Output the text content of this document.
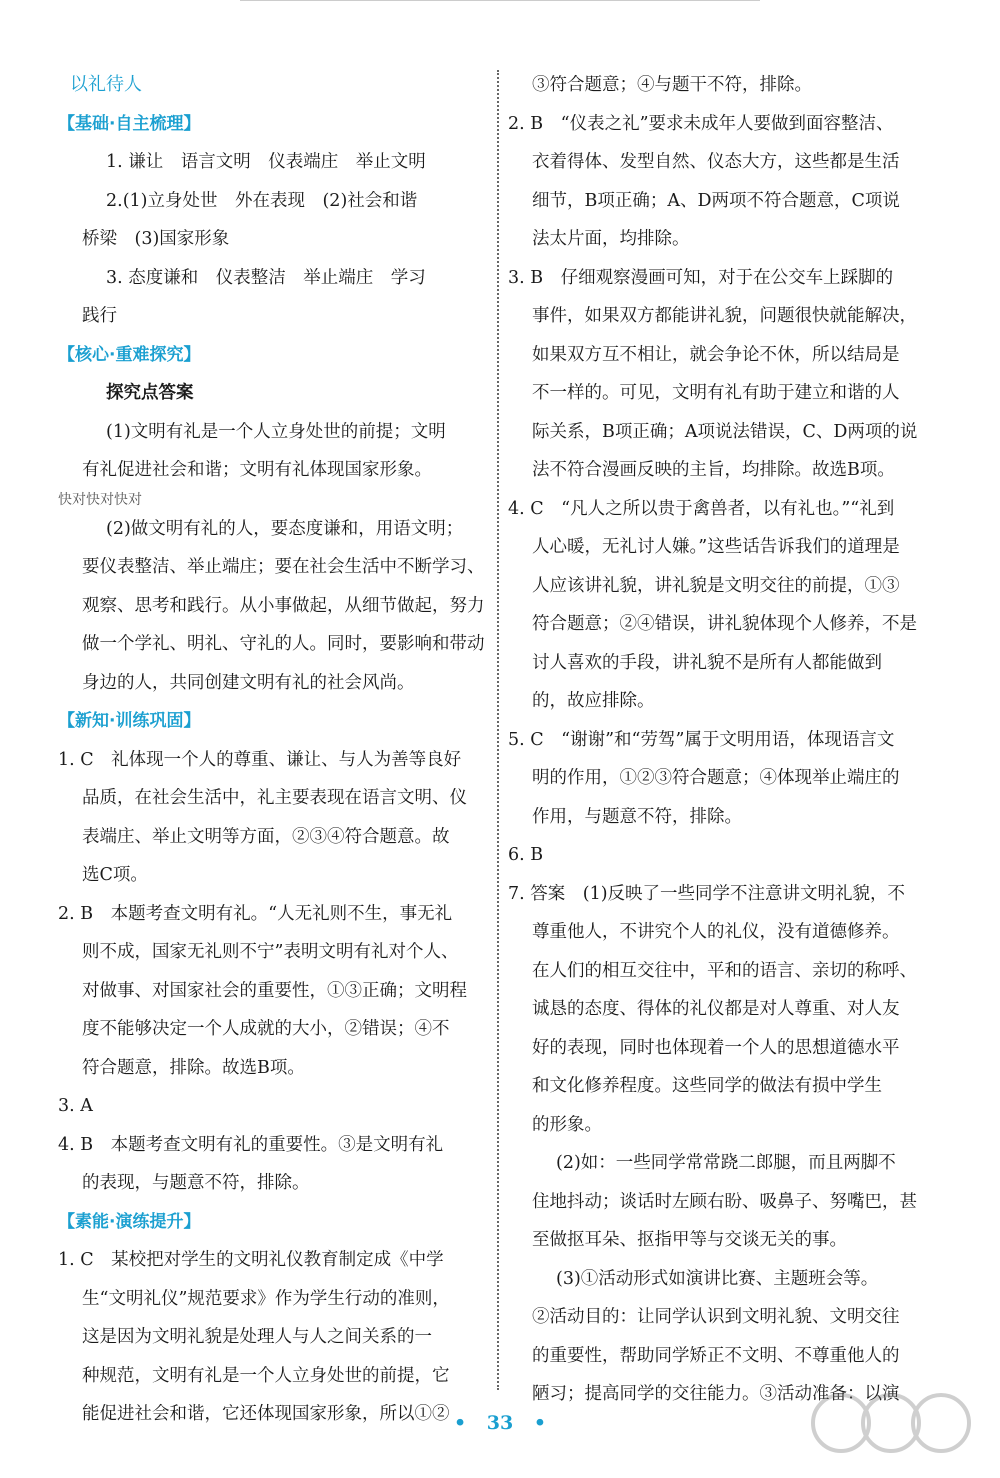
以礼待人
【基础·自主梳理】
1. 谦让　语言文明　仪表端庄　举止文明
2.(1)立身处世　外在表现　(2)社会和谐
桥梁　(3)国家形象
3. 态度谦和　仪表整洁　举止端庄　学习
践行
【核心·重难探究】
探究点答案
(1)文明有礼是一个人立身处世的前提；文明
有礼促进社会和谐；文明有礼体现国家形象。
快对快对快对
(2)做文明有礼的人，要态度谦和，用语文明；
要仪表整洁、举止端庄；要在社会生活中不断学习、
观察、思考和践行。从小事做起，从细节做起，努力
做一个学礼、明礼、守礼的人。同时，要影响和带动
身边的人，共同创建文明有礼的社会风尚。
【新知·训练巩固】
1. C　礼体现一个人的尊重、谦让、与人为善等良好
品质，在社会生活中，礼主要表现在语言文明、仪
表端庄、举止文明等方面，②③④符合题意。故
选C项。
2. B　本题考查文明有礼。“人无礼则不生，事无礼
则不成，国家无礼则不宁”表明文明有礼对个人、
对做事、对国家社会的重要性，①③正确；文明程
度不能够决定一个人成就的大小，②错误；④不
符合题意，排除。故选B项。
3. A
4. B　本题考查文明有礼的重要性。③是文明有礼
的表现，与题意不符，排除。
【素能·演练提升】
1. C　某校把对学生的文明礼仪教育制定成《中学
生“文明礼仪”规范要求》作为学生行动的准则，
这是因为文明礼貌是处理人与人之间关系的一
种规范，文明有礼是一个人立身处世的前提，它
能促进社会和谐，它还体现国家形象，所以①②
③符合题意；④与题干不符，排除。
2. B　“仪表之礼”要求未成年人要做到面容整洁、
衣着得体、发型自然、仪态大方，这些都是生活
细节，B项正确；A、D两项不符合题意，C项说
法太片面，均排除。
3. B　仔细观察漫画可知，对于在公交车上踩脚的
事件，如果双方都能讲礼貌，问题很快就能解决，
如果双方互不相让，就会争论不休，所以结局是
不一样的。可见，文明有礼有助于建立和谐的人
际关系，B项正确；A项说法错误，C、D两项的说
法不符合漫画反映的主旨，均排除。故选B项。
4. C　“凡人之所以贵于禽兽者，以有礼也。”“礼到
人心暖，无礼讨人嫌。”这些话告诉我们的道理是
人应该讲礼貌，讲礼貌是文明交往的前提，①③
符合题意；②④错误，讲礼貌体现个人修养，不是
讨人喜欢的手段，讲礼貌不是所有人都能做到
的，故应排除。
5. C　“谢谢”和“劳驾”属于文明用语，体现语言文
明的作用，①②③符合题意；④体现举止端庄的
作用，与题意不符，排除。
6. B
7. 答案　(1)反映了一些同学不注意讲文明礼貌，不
尊重他人，不讲究个人的礼仪，没有道德修养。
在人们的相互交往中，平和的语言、亲切的称呼、
诚恳的态度、得体的礼仪都是对人尊重、对人友
好的表现，同时也体现着一个人的思想道德水平
和文化修养程度。这些同学的做法有损中学生
的形象。
(2)如：一些同学常常跷二郎腿，而且两脚不
住地抖动；谈话时左顾右盼、吸鼻子、努嘴巴，甚
至做抠耳朵、抠指甲等与交谈无关的事。
(3)①活动形式如演讲比赛、主题班会等。
②活动目的：让同学认识到文明礼貌、文明交往
的重要性，帮助同学矫正不文明、不尊重他人的
陋习；提高同学的交往能力。③活动准备：以演
• 33 •
